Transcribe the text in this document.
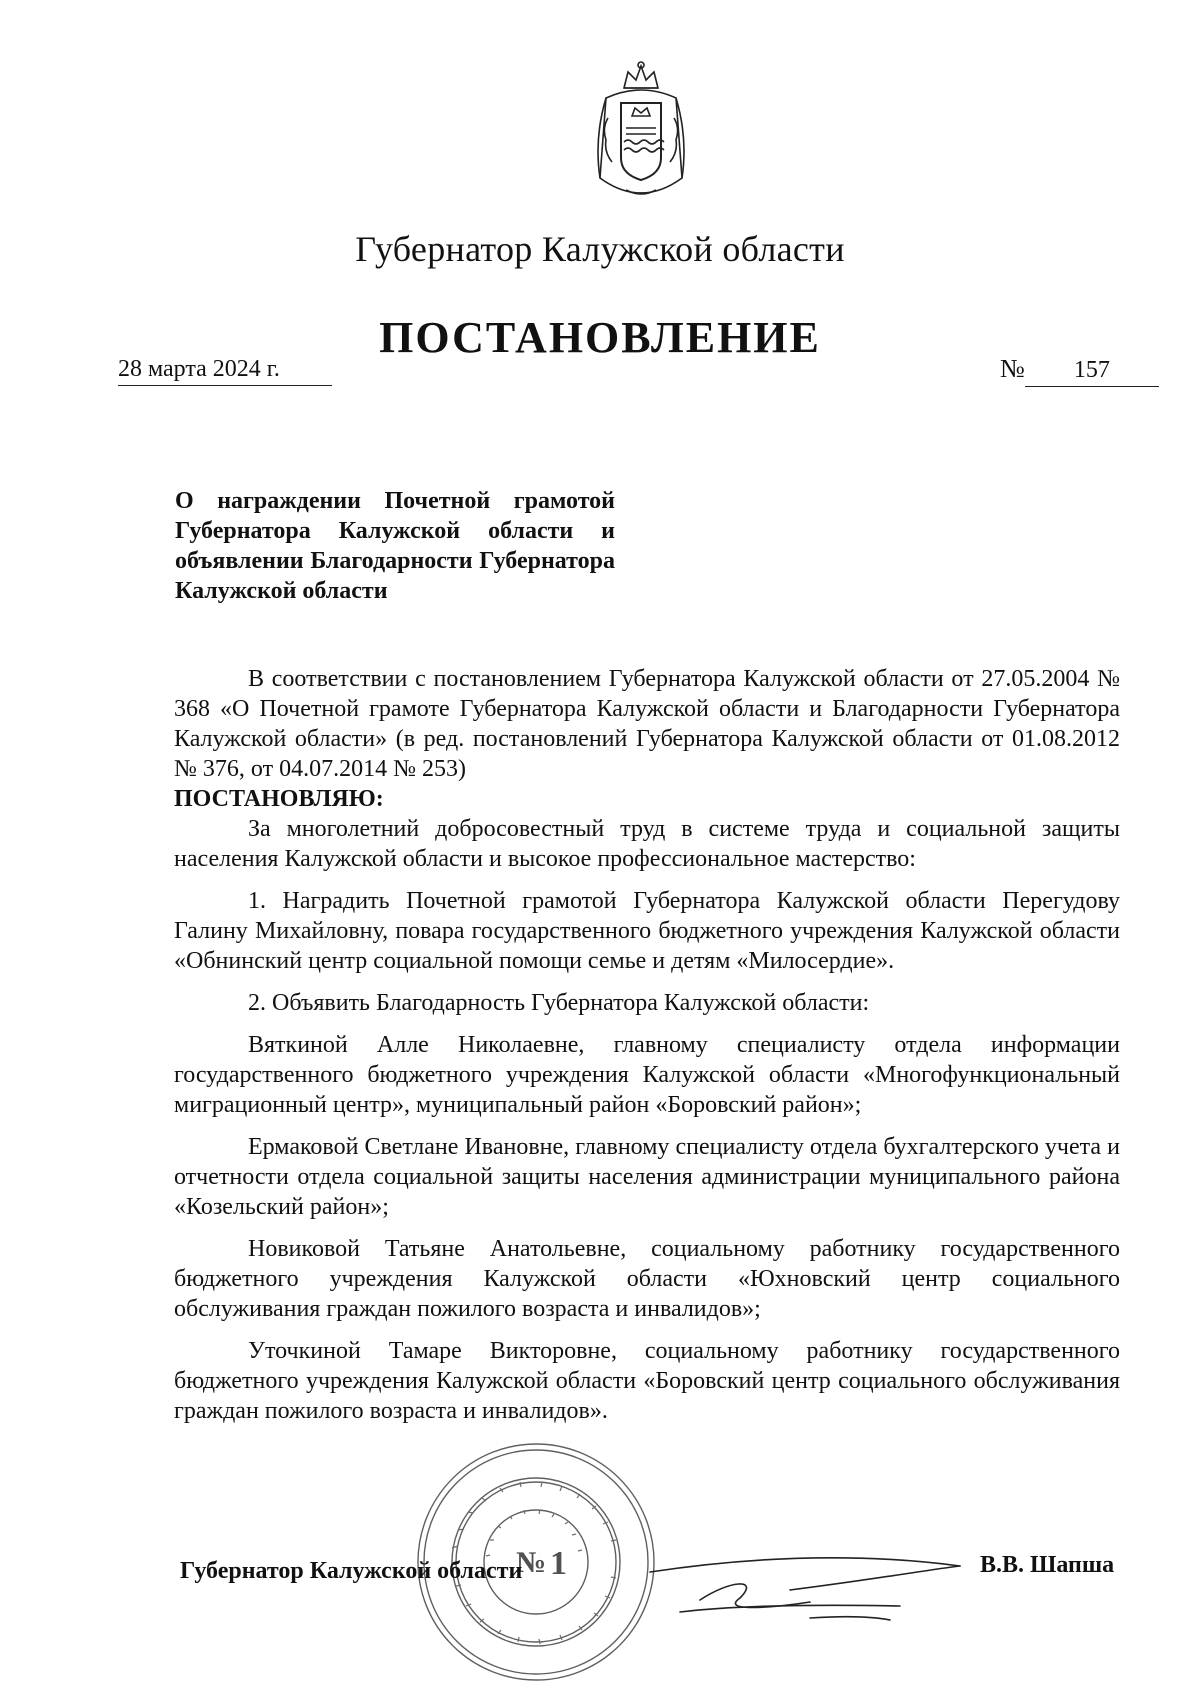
Губернатор Калужской области
ПОСТАНОВЛЕНИЕ
28 марта 2024 г.	№ 157
О награждении Почетной грамотой Губернатора Калужской области и объявлении Благодарности Губернатора Калужской области

В соответствии с постановлением Губернатора Калужской области от 27.05.2004 № 368 «О Почетной грамоте Губернатора Калужской области и Благодарности Губернатора Калужской области» (в ред. постановлений Губернатора Калужской области от 01.08.2012 № 376, от 04.07.2014 № 253)

ПОСТАНОВЛЯЮ:

За многолетний добросовестный труд в системе труда и социальной защиты населения Калужской области и высокое профессиональное мастерство:

1. Наградить Почетной грамотой Губернатора Калужской области Перегудову Галину Михайловну, повара государственного бюджетного учреждения Калужской области «Обнинский центр социальной помощи семье и детям «Милосердие».

2. Объявить Благодарность Губернатора Калужской области:

Вяткиной Алле Николаевне, главному специалисту отдела информации государственного бюджетного учреждения Калужской области «Многофункциональный миграционный центр», муниципальный район «Боровский район»;

Ермаковой Светлане Ивановне, главному специалисту отдела бухгалтерского учета и отчетности отдела социальной защиты населения администрации муниципального района «Козельский район»;

Новиковой Татьяне Анатольевне, социальному работнику государственного бюджетного учреждения Калужской области «Юхновский центр социального обслуживания граждан пожилого возраста и инвалидов»;

Уточкиной Тамаре Викторовне, социальному работнику государственного бюджетного учреждения Калужской области «Боровский центр социального обслуживания граждан пожилого возраста и инвалидов».

№ 1
Губернатор Калужской области	В.В. Шапша
